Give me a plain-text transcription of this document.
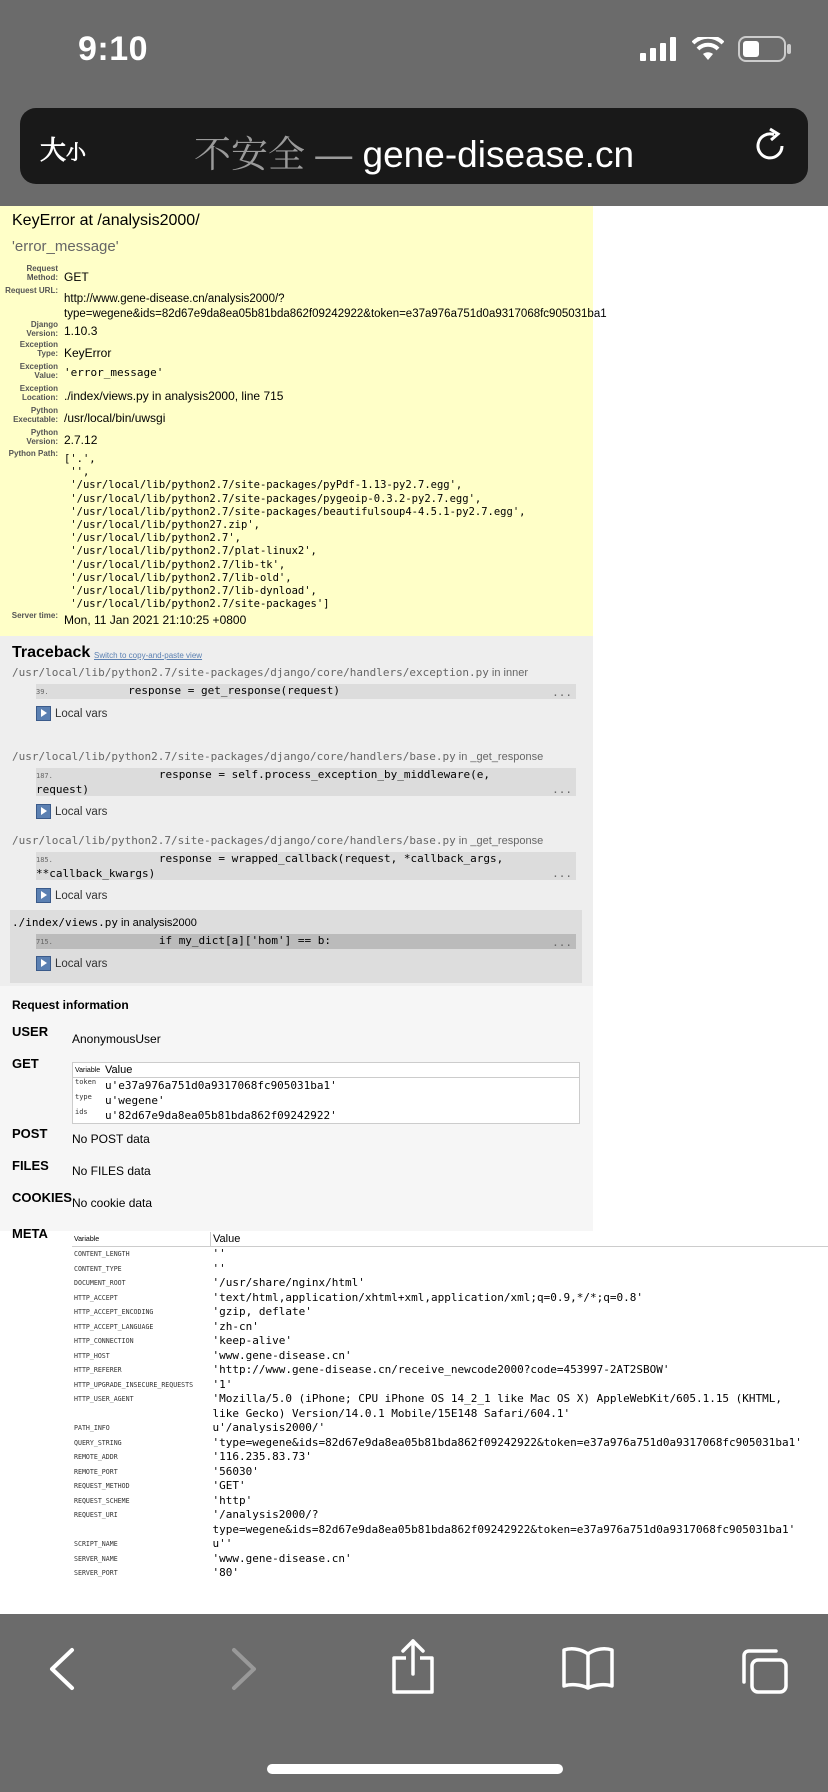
9:10
大小	不安全 — gene-disease.cn
KeyError at /analysis2000/
'error_message'
Request Method: GET
Request URL:
http://www.gene-disease.cn/analysis2000/?
type=wegene&ids=82d67e9da8ea05b81bda862f09242922&token=e37a976a751d0a9317068fc905031ba1
Django Version: 1.10.3
Exception Type: KeyError
Exception Value: 'error_message'
Exception Location: ./index/views.py in analysis2000, line 715
Python Executable: /usr/local/bin/uwsgi
Python Version: 2.7.12
Python Path: ['.',
'',
'/usr/local/lib/python2.7/site-packages/pyPdf-1.13-py2.7.egg',
'/usr/local/lib/python2.7/site-packages/pygeoip-0.3.2-py2.7.egg',
'/usr/local/lib/python2.7/site-packages/beautifulsoup4-4.5.1-py2.7.egg',
'/usr/local/lib/python27.zip',
'/usr/local/lib/python2.7',
'/usr/local/lib/python2.7/plat-linux2',
'/usr/local/lib/python2.7/lib-tk',
'/usr/local/lib/python2.7/lib-old',
'/usr/local/lib/python2.7/lib-dynload',
'/usr/local/lib/python2.7/site-packages']
Server time: Mon, 11 Jan 2021 21:10:25 +0800
Traceback Switch to copy-and-paste view
/usr/local/lib/python2.7/site-packages/django/core/handlers/exception.py in inner
39.            response = get_response(request)	...
Local vars
/usr/local/lib/python2.7/site-packages/django/core/handlers/base.py in _get_response
187.	response = self.process_exception_by_middleware(e,
request)	...
Local vars
/usr/local/lib/python2.7/site-packages/django/core/handlers/base.py in _get_response
185.	response = wrapped_callback(request, *callback_args,
**callback_kwargs)	...
Local vars
./index/views.py in analysis2000
715.                if my_dict[a]['hom'] == b:	...
Local vars
Request information
USER AnonymousUser
GET	Variable	Value
token	u'e37a976a751d0a9317068fc905031ba1'
type	u'wegene'
ids	u'82d67e9da8ea05b81bda862f09242922'
POST No POST data
FILES No FILES data
COOKIES No cookie data
META	Variable	Value
CONTENT_LENGTH	''
CONTENT_TYPE	''
DOCUMENT_ROOT	'/usr/share/nginx/html'
HTTP_ACCEPT	'text/html,application/xhtml+xml,application/xml;q=0.9,*/*;q=0.8'
HTTP_ACCEPT_ENCODING	'gzip, deflate'
HTTP_ACCEPT_LANGUAGE	'zh-cn'
HTTP_CONNECTION	'keep-alive'
HTTP_HOST	'www.gene-disease.cn'
HTTP_REFERER	'http://www.gene-disease.cn/receive_newcode2000?code=453997-2AT2SBOW'
HTTP_UPGRADE_INSECURE_REQUESTS	'1'
HTTP_USER_AGENT	'Mozilla/5.0 (iPhone; CPU iPhone OS 14_2_1 like Mac OS X) AppleWebKit/605.1.15 (KHTML,
like Gecko) Version/14.0.1 Mobile/15E148 Safari/604.1'
PATH_INFO	u'/analysis2000/'
QUERY_STRING	'type=wegene&ids=82d67e9da8ea05b81bda862f09242922&token=e37a976a751d0a9317068fc905031ba1'
REMOTE_ADDR	'116.235.83.73'
REMOTE_PORT	'56030'
REQUEST_METHOD	'GET'
REQUEST_SCHEME	'http'
REQUEST_URI	'/analysis2000/?
type=wegene&ids=82d67e9da8ea05b81bda862f09242922&token=e37a976a751d0a9317068fc905031ba1'
SCRIPT_NAME	u''
SERVER_NAME	'www.gene-disease.cn'
SERVER_PORT	'80'
